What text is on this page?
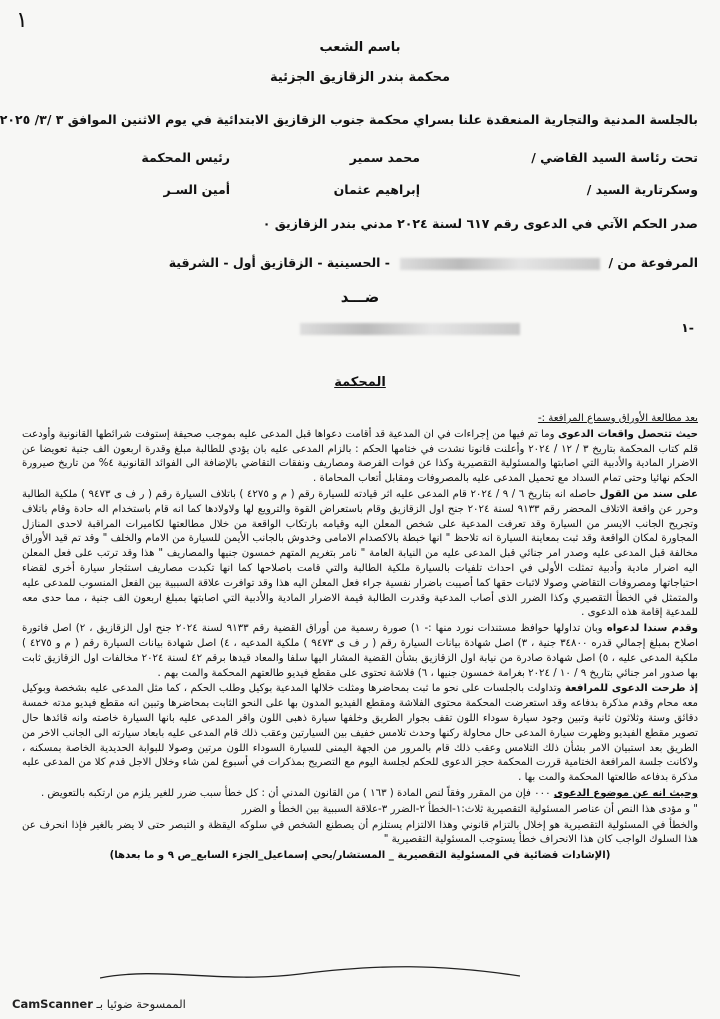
١
باسم الشعب
محكمة بندر الزقازيق الجزئية
بالجلسة المدنية والتجارية المنعقدة علنا بسراي محكمة جنوب الزقازيق الابتدائية في يوم الاثنين الموافق ٣ /٣/ ٢٠٢٥
تحت رئاسة السيد القاضي /
محمد سمير
رئيس المحكمة
وسكرتارية السيد /
إبراهيم عثمان
أمين السـر
صدر الحكم الآتي في الدعوى رقم ٦١٧ لسنة ٢٠٢٤ مدني بندر الزقازيق ٠
المرفوعة من /
- الحسينية - الزقازيق أول - الشرقية
ضـــد
-١
المحكمة

بعد مطالعة الأوراق وسماع المرافعة :-

حيث تتحصل واقعات الدعوى وما تم فيها من إجراءات في ان المدعية قد أقامت دعواها قبل المدعى عليه بموجب صحيفة إستوفت شرائطها القانونية وأودعت قلم كتاب المحكمة بتاريخ ٣ / ١٢ / ٢٠٢٤ وأعلنت قانونا نشدت في ختامها الحكم : بالزام المدعى عليه بان يؤدي للطالبة مبلغ وقدرة اربعون الف جنية تعويضا عن الاضرار المادية والأدبية التي اصابتها والمسئولية التقصيرية وكذا عن فوات الفرصة ومصاريف ونفقات التقاضي بالإضافة الى الفوائد القانونية ٤% من تاريخ صيرورة الحكم نهائيا وحتى تمام السداد مع تحميل المدعى عليه بالمصروفات ومقابل أتعاب المحاماة .

على سند من القول حاصله انه بتاريخ ٦ / ٩ / ٢٠٢٤ قام المدعى عليه اثر قيادته للسيارة رقم ( م و ٤٢٧٥ ) باتلاف السيارة رقم ( ر ف ى ٩٤٧٣ ) ملكية الطالبة وحرر عن واقعة الاتلاف المحضر رقم ٩١٣٣ لسنة ٢٠٢٤ جنح اول الزقازيق وقام باستعراض القوة والترويع لها ولاولادها كما انه قام باستخدام اله حادة وقام باتلاف وتجريح الجانب الايسر من السيارة وقد تعرفت المدعية على شخص المعلن اليه وقيامه بارتكاب الواقعة من خلال مطالعتها لكاميرات المراقبة لاحدى المنازل المجاورة لمكان الواقعة وقد ثبت بمعاينة السيارة انه تلاحظ " انها خبطة بالاكصدام الامامى وخدوش بالجانب الأيمن للسيارة من الامام والخلف " وقد تم قيد الأوراق مخالفة قبل المدعى عليه وصدر امر جنائي قبل المدعى عليه من النيابة العامة " نامر بتغريم المتهم خمسون جنيها والمصاريف " هذا وقد ترتب على فعل المعلن اليه اضرار مادية وأدبية تمثلت الأولى في احداث تلفيات بالسيارة ملكية الطالبة والتي قامت باصلاحها كما انها تكبدت مصاريف استئجار سيارة أخرى لقضاء احتياجاتها ومصروفات التقاضي وصولا لاثبات حقها كما أصيبت باضرار نفسية جراء فعل المعلن اليه هذا وقد توافرت علاقة السببية بين الفعل المنسوب للمدعى عليه والمتمثل في الخطأ التقصيري وكذا الضرر الذى أصاب المدعية وقدرت الطالبة قيمة الاضرار المادية والأدبية التي اصابتها بمبلغ اربعون الف جنية ، مما حدى معه للمدعية إقامة هذه الدعوى .

وقدم سندا لدعواه وبان تداولها حوافظ مستندات نورد منها :- ١) صورة رسمية من أوراق القضية رقم ٩١٣٣ لسنة ٢٠٢٤ جنح اول الزقازيق ، ٢) اصل فاتورة اصلاح بمبلغ إجمالي قدره ٣٤٨٠٠ جنية ، ٣) اصل شهادة بيانات السيارة رقم ( ر ف ى ٩٤٧٣ ) ملكية المدعيه ، ٤) اصل شهادة بيانات السيارة رقم ( م و ٤٢٧٥ ) ملكية المدعى عليه ، ٥) اصل شهادة صادرة من نيابة اول الزقازيق بشأن القضية المشار اليها سلفا والمعاد قيدها برقم ٤٢ لسنة ٢٠٢٤ مخالفات اول الزقازيق ثابت بها صدور امر جنائي بتاريخ ٩ / ١٠ / ٢٠٢٤ بغرامة خمسون جنيها ، ٦) فلاشة تحتوى على مقطع فيديو طالعتهم المحكمة والمت بهم .

إذ طرحت الدعوى للمرافعة وتداولت بالجلسات على نحو ما ثبت بمحاضرها ومثلت خلالها المدعية بوكيل وطلب الحكم ، كما مثل المدعى عليه بشخصة وبوكيل معه محام وقدم مذكرة بدفاعه وقد استعرضت المحكمة محتوى الفلاشة ومقطع الفيديو المدون بها على النحو الثابت بمحاضرها وتبين انه مقطع فيديو مدته خمسة دقائق وستة وثلاثون ثانية وتبين وجود سيارة سوداء اللون تقف بجوار الطريق وخلفها سيارة ذهبى اللون واقر المدعى عليه بانها السيارة خاصته وانه قائدها حال تصوير مقطع الفيديو وظهرت سيارة المدعى حال محاولة ركنها وحدث تلامس خفيف بين السيارتين وعقب ذلك قام المدعى عليه بابعاد سيارته الى الجانب الاخر من الطريق بعد استبيان الامر بشأن ذلك التلامس وعقب ذلك قام بالمرور من الجهة اليمنى للسيارة السوداء اللون مرتين وصولا للبوابة الحديدية الخاصة بمسكنه ، ولاكانت جلسة المرافعة الختامية قررت المحكمة حجز الدعوى للحكم لجلسة اليوم مع التصريح بمذكرات في أسبوع لمن شاء وخلال الاجل قدم كلا من المدعى عليه مذكرة بدفاعه طالعتها المحكمة والمت بها .

وحيث انه عن موضوع الدعوى ٠٠٠ فإن من المقرر وفقاً لنص المادة ( ١٦٣ ) من القانون المدني أن : كل خطأ سبب ضرر للغير يلزم من ارتكبه بالتعويض .

" و مؤدى هذا النص أن عناصر المسئولية التقصيرية ثلاث:١-الخطأ ٢-الضرر ٣-علاقة السببية بين الخطأ و الضرر

والخطأ في المسئولية التقصيرية هو إخلال بالتزام قانوني وهذا الالتزام يستلزم أن يصطنع الشخص في سلوكه اليقظة و التبصر حتى لا يضر بالغير فإذا انحرف عن هذا السلوك الواجب كان هذا الانحراف خطأ يستوجب المسئولية التقصيرية "

(الإشادات قضائية في المسئولية التقصيرية _ المستشار/يحي إسماعيل_الجزء السابع_ص ٩ و ما بعدها)

CamScanner الممسوحة ضوئيا بـ
